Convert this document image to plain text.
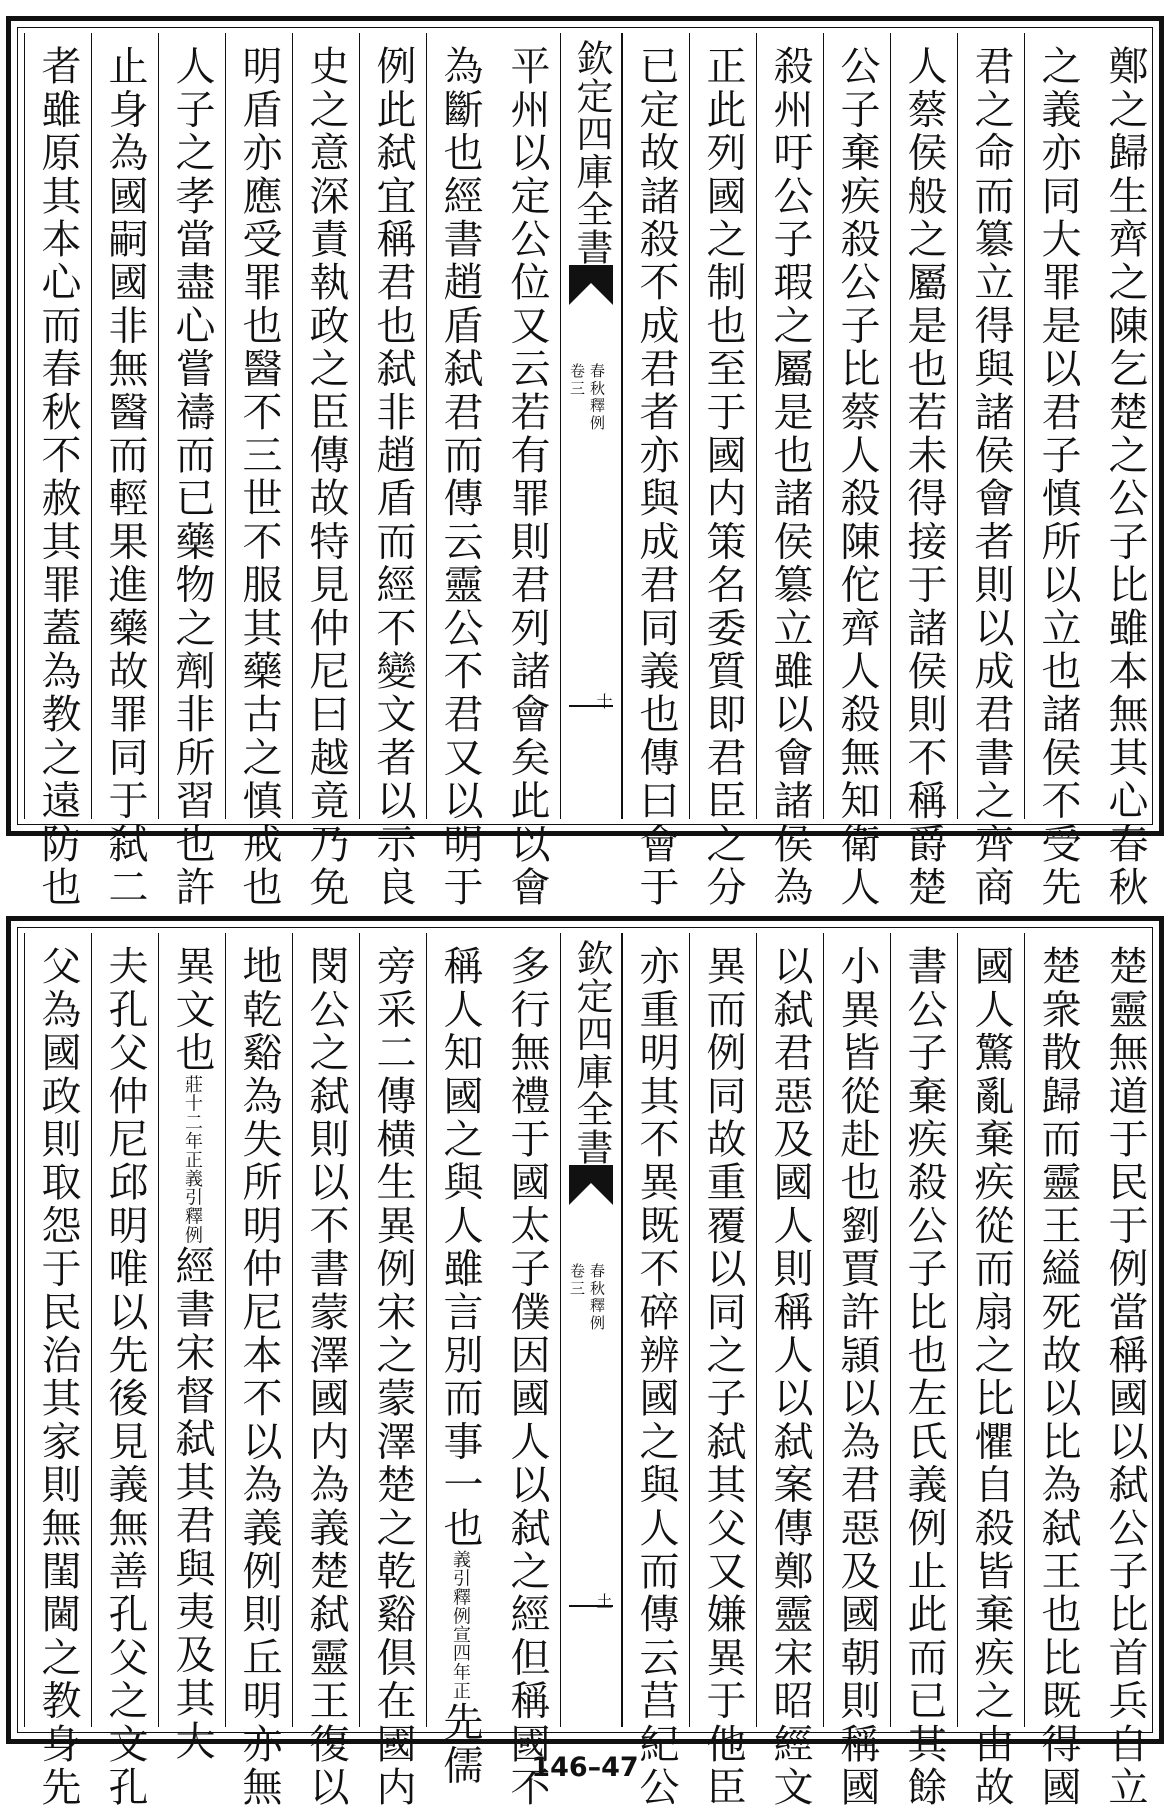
鄭之歸生齊之陳乞楚之公子比雖本無其心春秋
之義亦同大罪是以君子慎所以立也諸侯不受先
君之命而簒立得與諸侯會者則以成君書之齊商
人蔡侯般之屬是也若未得接于諸侯則不稱爵楚
公子棄疾殺公子比蔡人殺陳佗齊人殺無知衛人
殺州吁公子瑕之屬是也諸侯簒立雖以會諸侯為
正此列國之制也至于國内策名委質即君臣之分
已定故諸殺不成君者亦與成君同義也傳曰會于
欽定四庫全書
春秋釋例
卷三
十
平州以定公位又云若有罪則君列諸會矣此以會
為斷也經書趙盾弑君而傳云靈公不君又以明于
例此弑宜稱君也弑非趙盾而經不變文者以示良
史之意深責執政之臣傳故特見仲尼曰越竟乃免
明盾亦應受罪也醫不三世不服其藥古之慎戒也
人子之孝當盡心嘗禱而已藥物之劑非所習也許
止身為國嗣國非無醫而輕果進藥故罪同于弑二
者雖原其本心而春秋不赦其罪蓋為教之遠防也
楚靈無道于民于例當稱國以弑公子比首兵自立
楚衆散歸而靈王縊死故以比為弑王也比既得國
國人驚亂棄疾從而扇之比懼自殺皆棄疾之由故
書公子棄疾殺公子比也左氏義例止此而已其餘
小異皆從赴也劉賈許頴以為君惡及國朝則稱國
以弑君惡及國人則稱人以弑案傳鄭靈宋昭經文
異而例同故重覆以同之子弑其父又嫌異于他臣
亦重明其不異既不碎辨國之與人而傳云莒紀公
欽定四庫全書
春秋釋例
卷三
土
多行無禮于國太子僕因國人以弑之經但稱國不
稱人知國之與人雖言別而事一也義引釋例宣四年正先儒
旁采二傳横生異例宋之蒙澤楚之乾谿倶在國内
閔公之弑則以不書蒙澤國内為義楚弑靈王復以
地乾谿為失所明仲尼本不以為義例則丘明亦無
異文也莊十二年正義引釋例經書宋督弑其君與夷及其大
夫孔父仲尼邱明唯以先後見義無善孔父之文孔
父為國政則取怨于民治其家則無閨閫之教身先	146–47
